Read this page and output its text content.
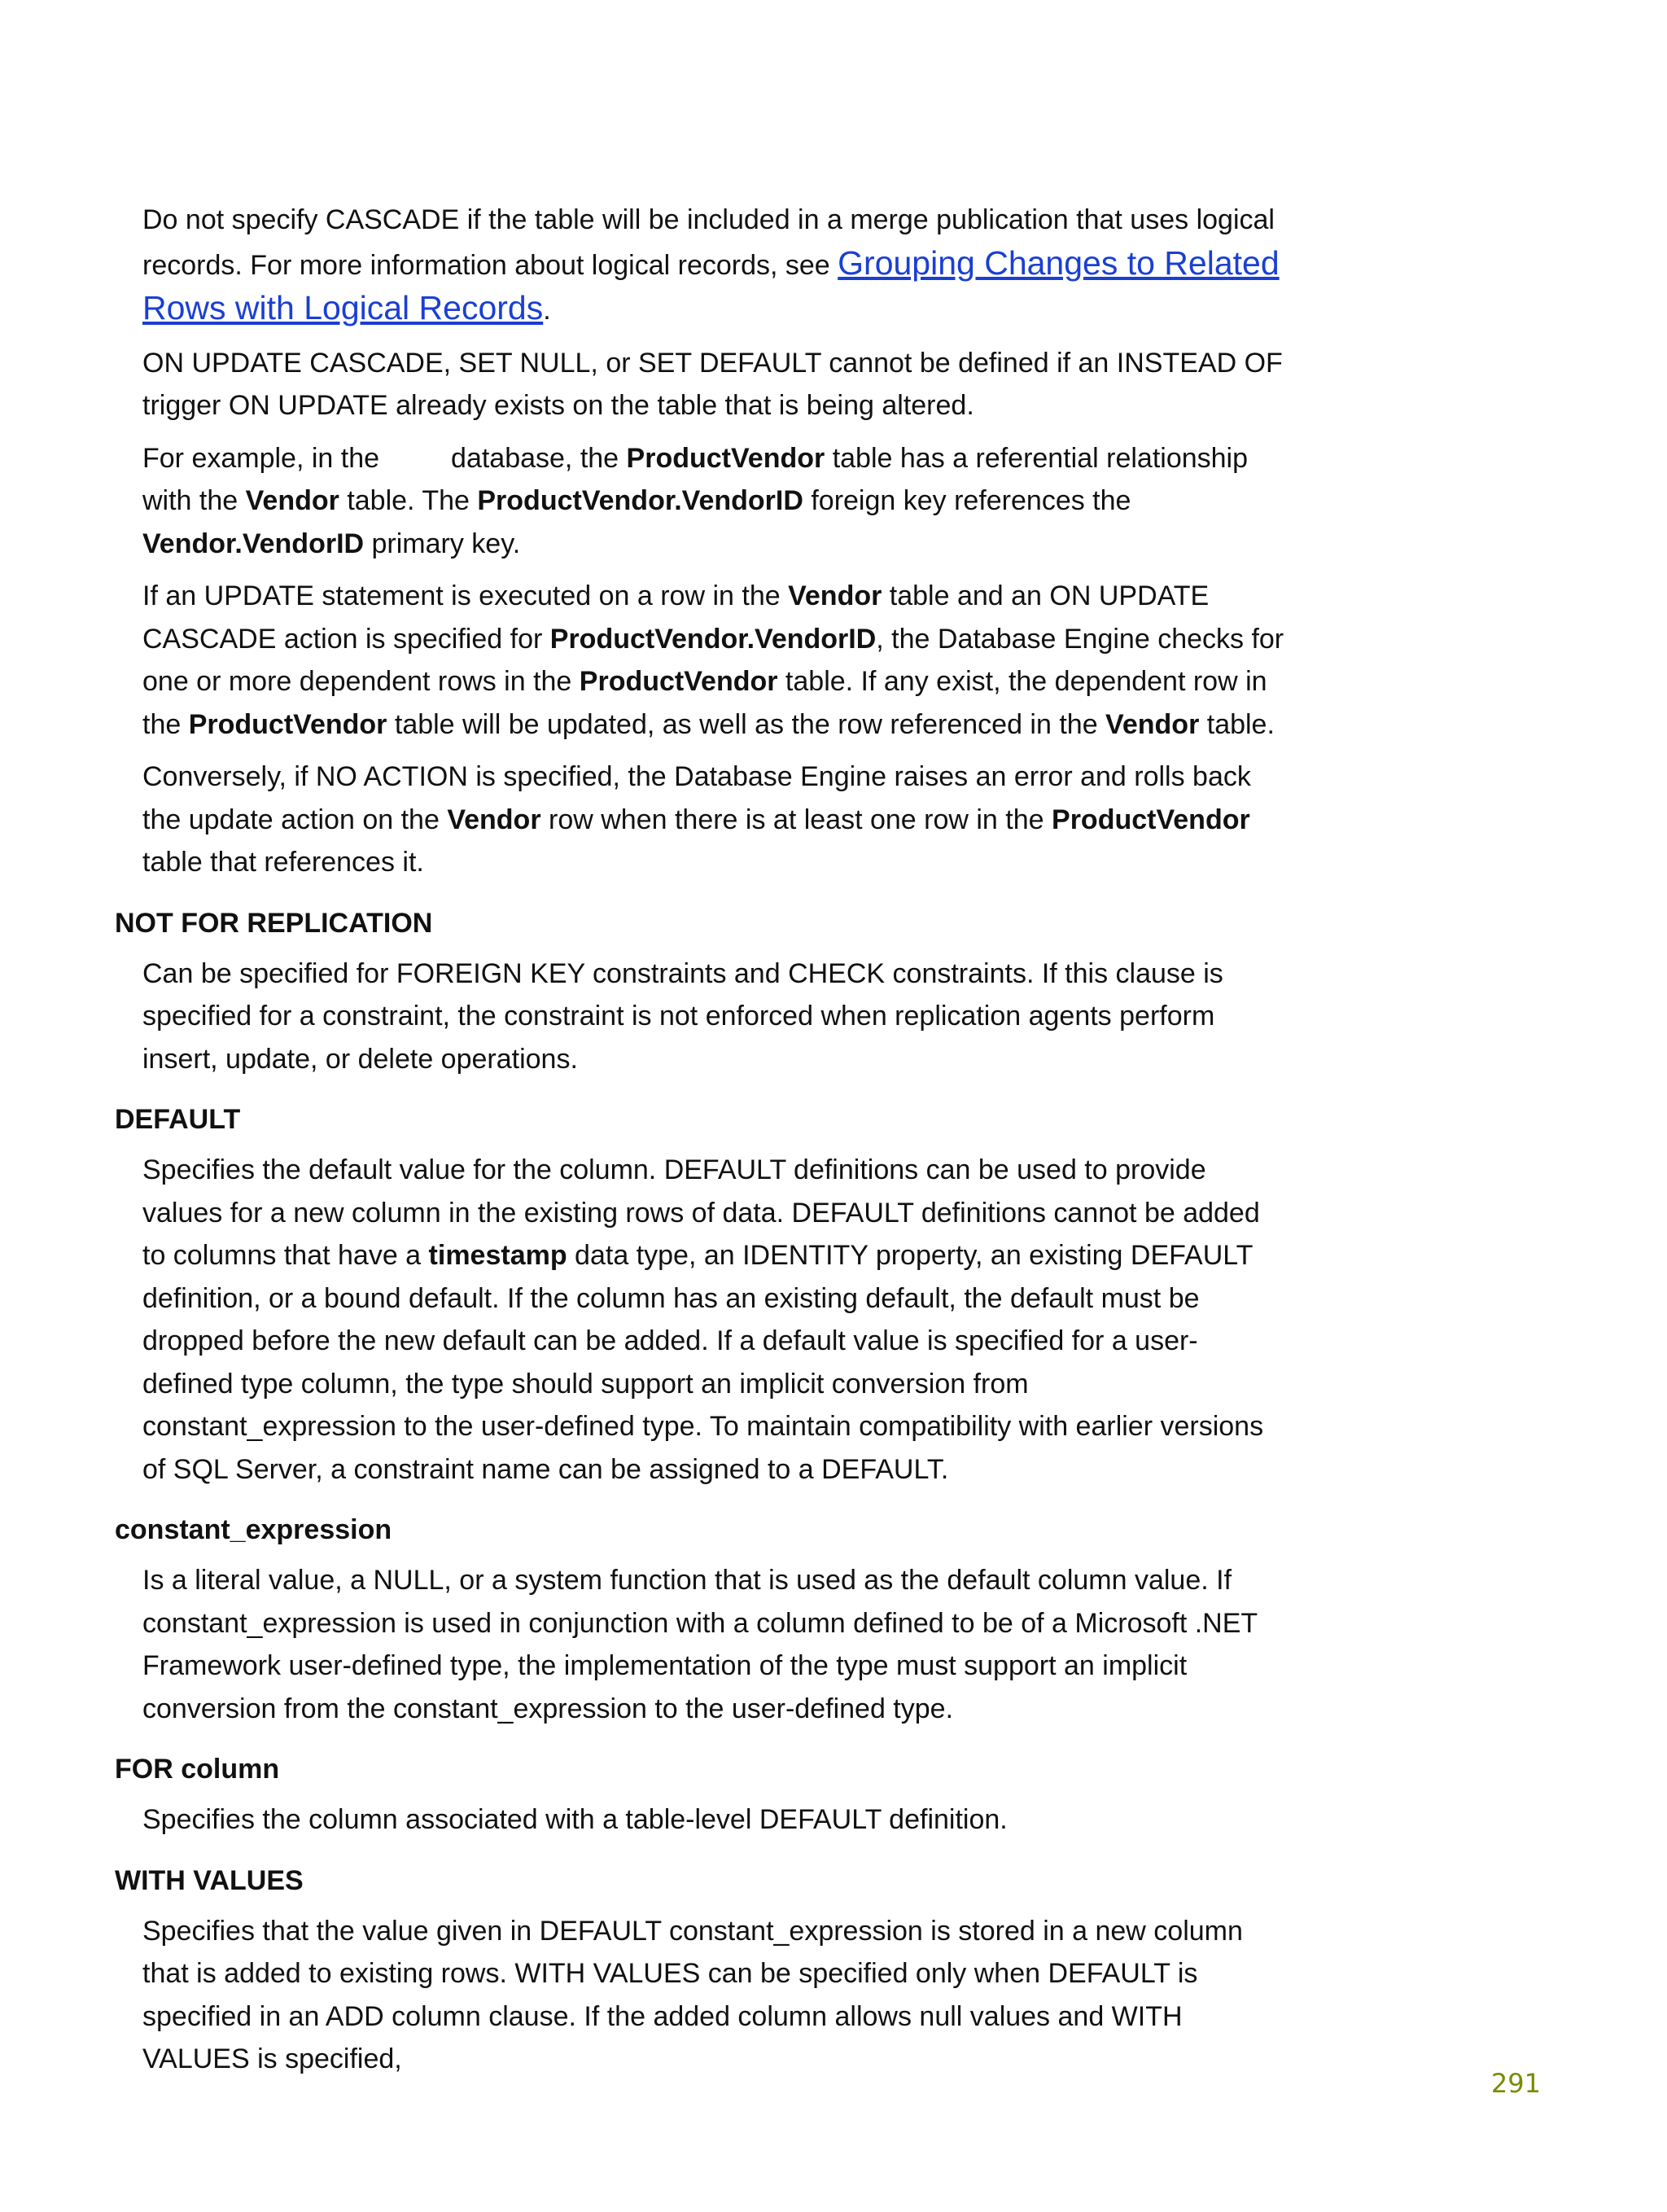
Do not specify CASCADE if the table will be included in a merge publication that uses logical records. For more information about logical records, see Grouping Changes to Related Rows with Logical Records.

ON UPDATE CASCADE, SET NULL, or SET DEFAULT cannot be defined if an INSTEAD OF trigger ON UPDATE already exists on the table that is being altered.

For example, in the	database, the ProductVendor table has a referential relationship with the Vendor table. The ProductVendor.VendorID foreign key references the Vendor.VendorID primary key.

If an UPDATE statement is executed on a row in the Vendor table and an ON UPDATE CASCADE action is specified for ProductVendor.VendorID, the Database Engine checks for one or more dependent rows in the ProductVendor table. If any exist, the dependent row in the ProductVendor table will be updated, as well as the row referenced in the Vendor table.

Conversely, if NO ACTION is specified, the Database Engine raises an error and rolls back the update action on the Vendor row when there is at least one row in the ProductVendor table that references it.

NOT FOR REPLICATION

Can be specified for FOREIGN KEY constraints and CHECK constraints. If this clause is specified for a constraint, the constraint is not enforced when replication agents perform insert, update, or delete operations.

DEFAULT

Specifies the default value for the column. DEFAULT definitions can be used to provide values for a new column in the existing rows of data. DEFAULT definitions cannot be added to columns that have a timestamp data type, an IDENTITY property, an existing DEFAULT definition, or a bound default. If the column has an existing default, the default must be dropped before the new default can be added. If a default value is specified for a user-defined type column, the type should support an implicit conversion from constant_expression to the user-defined type. To maintain compatibility with earlier versions of SQL Server, a constraint name can be assigned to a DEFAULT.

constant_expression

Is a literal value, a NULL, or a system function that is used as the default column value. If constant_expression is used in conjunction with a column defined to be of a Microsoft .NET Framework user-defined type, the implementation of the type must support an implicit conversion from the constant_expression to the user-defined type.

FOR column

Specifies the column associated with a table-level DEFAULT definition.

WITH VALUES

Specifies that the value given in DEFAULT constant_expression is stored in a new column that is added to existing rows. WITH VALUES can be specified only when DEFAULT is specified in an ADD column clause. If the added column allows null values and WITH VALUES is specified,

291
